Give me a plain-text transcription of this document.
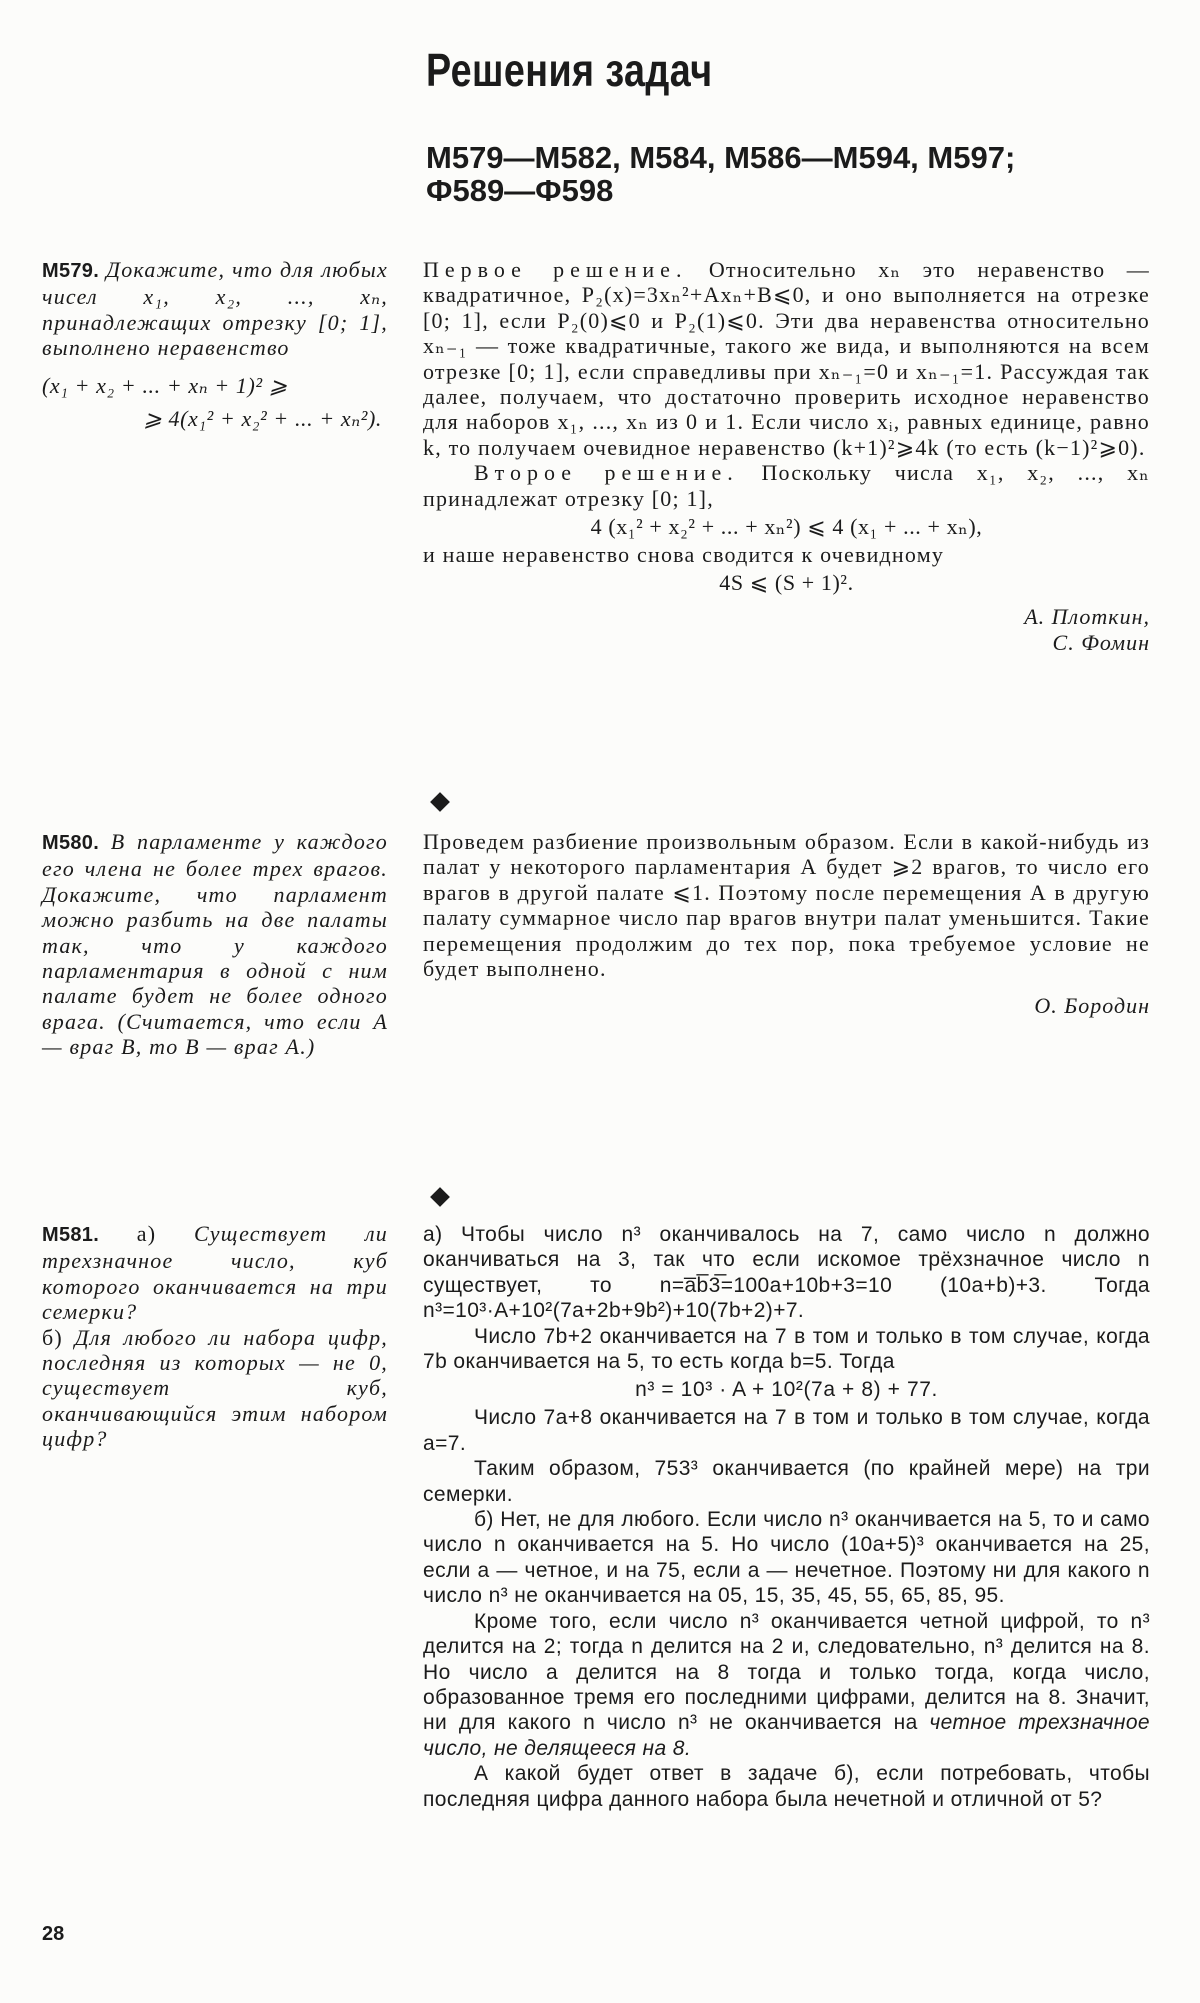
Решения задач
М579—М582, М584, М586—М594, М597;
Ф589—Ф598

М579. Докажите, что для любых чисел x₁, x₂, ..., xₙ, принадлежащих отрезку [0; 1], выполнено неравенство

(x₁ + x₂ + ... + xₙ + 1)² ⩾
⩾ 4(x₁² + x₂² + ... + xₙ²).

Первое решение. Относительно xₙ это неравенство — квадратичное, P₂(x)=3xₙ²+Axₙ+B⩽0, и оно выполняется на отрезке [0; 1], если P₂(0)⩽0 и P₂(1)⩽0. Эти два неравенства относительно xₙ₋₁ — тоже квадратичные, такого же вида, и выполняются на всем отрезке [0; 1], если справедливы при xₙ₋₁=0 и xₙ₋₁=1. Рассуждая так далее, получаем, что достаточно проверить исходное неравенство для наборов x₁, ..., xₙ из 0 и 1. Если число xᵢ, равных единице, равно k, то получаем очевидное неравенство (k+1)²⩾4k (то есть (k−1)²⩾0).

Второе решение. Поскольку числа x₁, x₂, ..., xₙ принадлежат отрезку [0; 1],

4 (x₁² + x₂² + ... + xₙ²) ⩽ 4 (x₁ + ... + xₙ),

и наше неравенство снова сводится к очевидному

4S ⩽ (S + 1)².
А. Плоткин,
С. Фомин

М580. В парламенте у каждого его члена не более трех врагов. Докажите, что парламент можно разбить на две палаты так, что у каждого парламентария в одной с ним палате будет не более одного врага. (Считается, что если А — враг В, то В — враг А.)

Проведем разбиение произвольным образом. Если в какой-нибудь из палат у некоторого парламентария А будет ⩾2 врагов, то число его врагов в другой палате ⩽1. Поэтому после перемещения А в другую палату суммарное число пар врагов внутри палат уменьшится. Такие перемещения продолжим до тех пор, пока требуемое условие не будет выполнено.

О. Бородин

М581. а) Существует ли трехзначное число, куб которого оканчивается на три семерки?

б) Для любого ли набора цифр, последняя из которых — не 0, существует куб, оканчивающийся этим набором цифр?

а) Чтобы число n³ оканчивалось на 7, само число n должно оканчиваться на 3, так что если искомое трёхзначное число n существует, то n=a̅b̅3̅=100a+10b+3=10 (10a+b)+3. Тогда n³=10³·A+10²(7a+2b+9b²)+10(7b+2)+7.

Число 7b+2 оканчивается на 7 в том и только в том случае, когда 7b оканчивается на 5, то есть когда b=5. Тогда

n³ = 10³ · A + 10²(7a + 8) + 77.

Число 7a+8 оканчивается на 7 в том и только в том случае, когда a=7.

Таким образом, 753³ оканчивается (по крайней мере) на три семерки.

б) Нет, не для любого. Если число n³ оканчивается на 5, то и само число n оканчивается на 5. Но число (10a+5)³ оканчивается на 25, если a — четное, и на 75, если a — нечетное. Поэтому ни для какого n число n³ не оканчивается на 05, 15, 35, 45, 55, 65, 85, 95.

Кроме того, если число n³ оканчивается четной цифрой, то n³ делится на 2; тогда n делится на 2 и, следовательно, n³ делится на 8. Но число a делится на 8 тогда и только тогда, когда число, образованное тремя его последними цифрами, делится на 8. Значит, ни для какого n число n³ не оканчивается на четное трехзначное число, не делящееся на 8.

А какой будет ответ в задаче б), если потребовать, чтобы последняя цифра данного набора была нечетной и отличной от 5?

28
